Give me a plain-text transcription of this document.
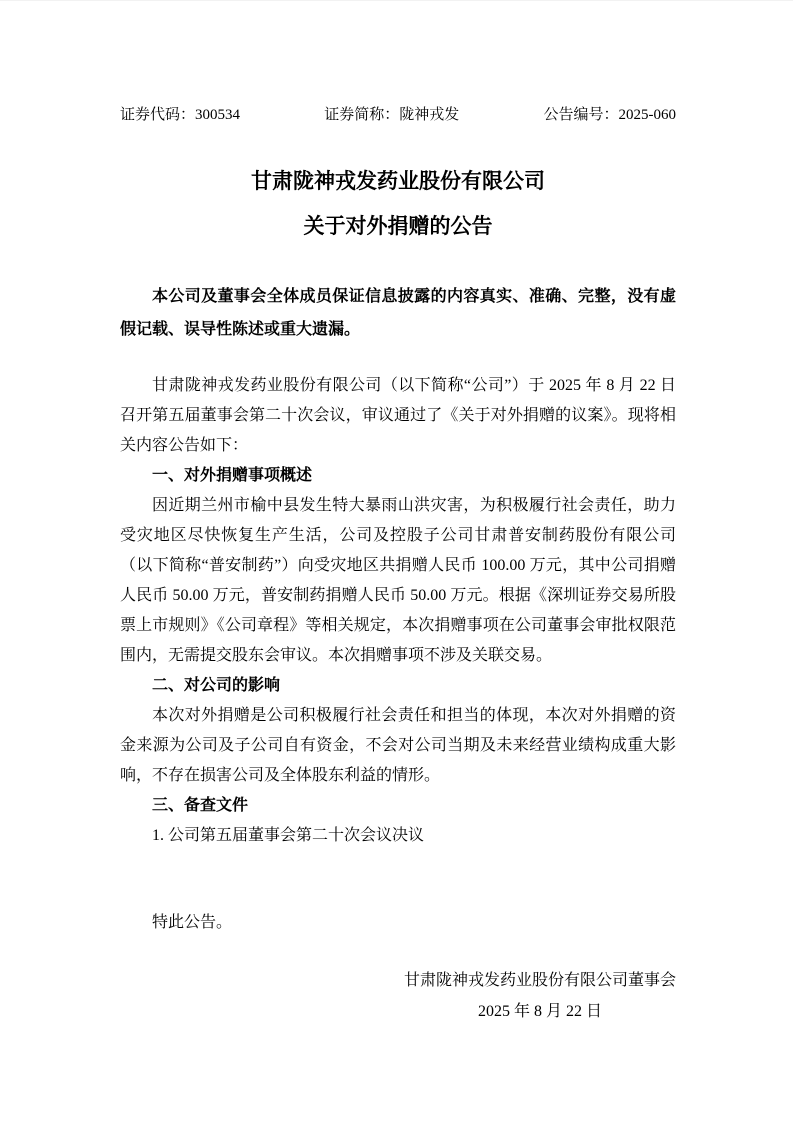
证券代码：300534	证券简称：陇神戎发	公告编号：2025-060
甘肃陇神戎发药业股份有限公司
关于对外捐赠的公告

本公司及董事会全体成员保证信息披露的内容真实、准确、完整，没有虚假记载、误导性陈述或重大遗漏。

甘肃陇神戎发药业股份有限公司（以下简称“公司”）于 2025 年 8 月 22 日召开第五届董事会第二十次会议，审议通过了《关于对外捐赠的议案》。现将相关内容公告如下：

一、对外捐赠事项概述

因近期兰州市榆中县发生特大暴雨山洪灾害，为积极履行社会责任，助力受灾地区尽快恢复生产生活，公司及控股子公司甘肃普安制药股份有限公司（以下简称“普安制药”）向受灾地区共捐赠人民币 100.00 万元，其中公司捐赠人民币 50.00 万元，普安制药捐赠人民币 50.00 万元。根据《深圳证券交易所股票上市规则》《公司章程》等相关规定，本次捐赠事项在公司董事会审批权限范围内，无需提交股东会审议。本次捐赠事项不涉及关联交易。

二、对公司的影响

本次对外捐赠是公司积极履行社会责任和担当的体现，本次对外捐赠的资金来源为公司及子公司自有资金，不会对公司当期及未来经营业绩构成重大影响，不存在损害公司及全体股东利益的情形。

三、备查文件

1. 公司第五届董事会第二十次会议决议

特此公告。

甘肃陇神戎发药业股份有限公司董事会
2025 年 8 月 22 日
